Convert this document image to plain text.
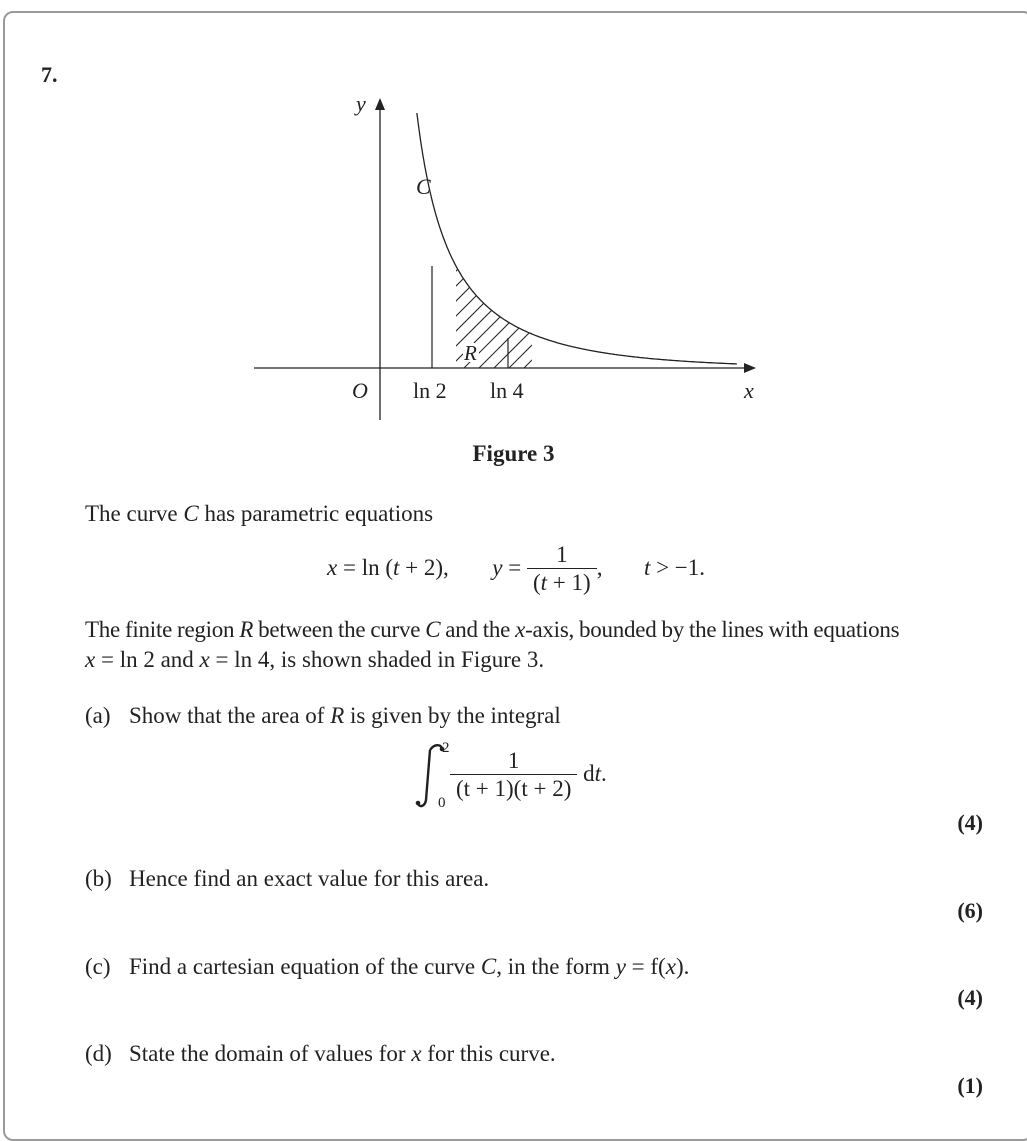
7.
y
x
O
C
R
ln 2 ln 4
Figure 3
The curve C has parametric equations
x = ln (t + 2), $y = \frac{1}{(t + 1)}$ , t > −1.
The finite region R between the curve C and the x-axis, bounded by the lines with equations
x = ln 2 and x = ln 4, is shown shaded in Figure 3.
(a) Show that the area of R is given by the integral
2
$0 \frac{1}{(t + 1)(t + 2)}$ dt.
(4)
(b) Hence find an exact value for this area.
(6)
(c) Find a cartesian equation of the curve C, in the form y = f(x).
(4)
(d) State the domain of values for x for this curve.
(1)
